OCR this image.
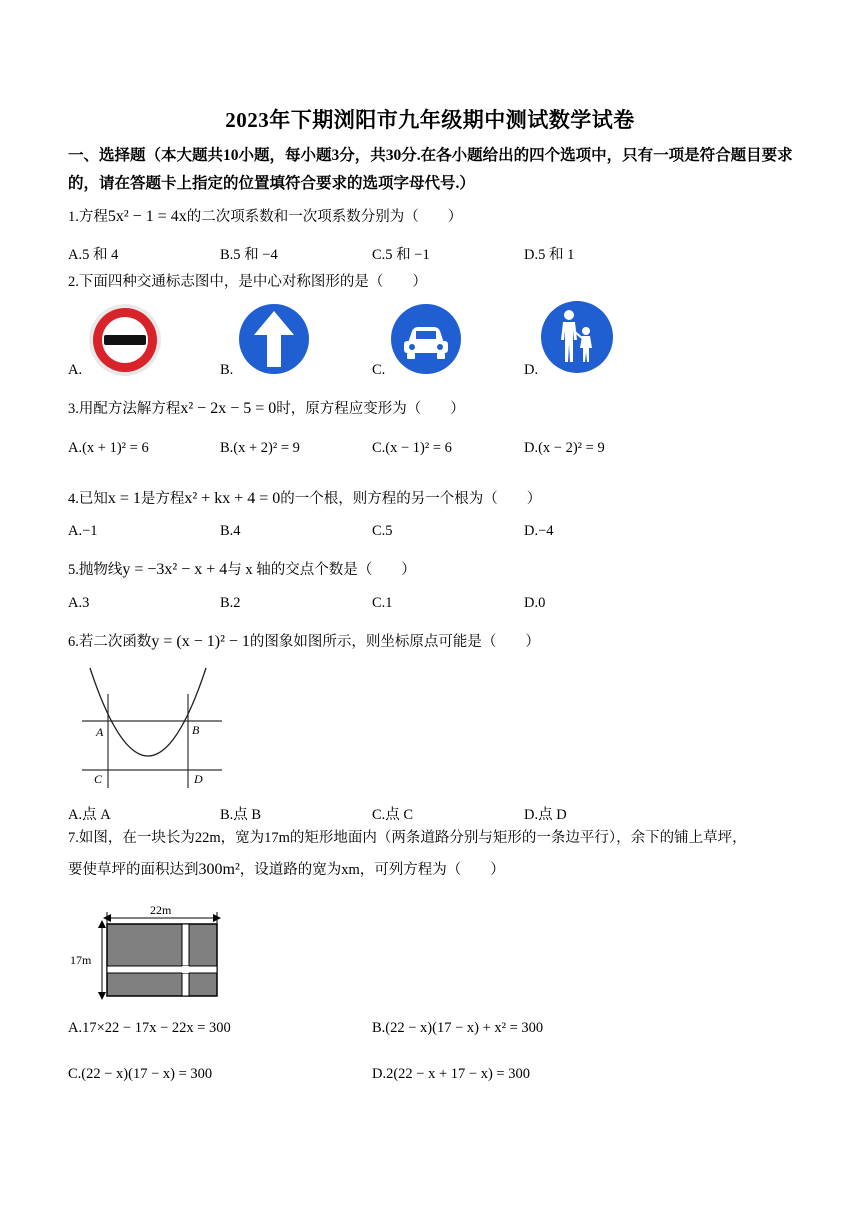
2023年下期浏阳市九年级期中测试数学试卷
一、选择题（本大题共10小题，每小题3分，共30分.在各小题给出的四个选项中，只有一项是符合题目要求的，请在答题卡上指定的位置填符合要求的选项字母代号.）
1.方程5x² − 1 = 4x的二次项系数和一次项系数分别为（　　）
A.5 和 4	B.5 和 −4	C.5 和 −1	D.5 和 1
2.下面四种交通标志图中，是中心对称图形的是（　　）
A.	B.	C.	D.
3.用配方法解方程x² − 2x − 5 = 0时，原方程应变形为（　　）
A.(x + 1)² = 6	B.(x + 2)² = 9	C.(x − 1)² = 6	D.(x − 2)² = 9
4.已知x = 1是方程x² + kx + 4 = 0的一个根，则方程的另一个根为（　　）
A.−1	B.4	C.5	D.−4
5.抛物线y = −3x² − x + 4与 x 轴的交点个数是（　　）
A.3	B.2	C.1	D.0
6.若二次函数y = (x − 1)² − 1的图象如图所示，则坐标原点可能是（　　）
A	B
C	D
A.点 A	B.点 B	C.点 C	D.点 D
7.如图，在一块长为22m，宽为17m的矩形地面内（两条道路分别与矩形的一条边平行），余下的铺上草坪，
要使草坪的面积达到300m²，设道路的宽为xm，可列方程为（　　）
22m
17m
A.17×22 − 17x − 22x = 300	B.(22 − x)(17 − x) + x² = 300
C.(22 − x)(17 − x) = 300	D.2(22 − x + 17 − x) = 300
